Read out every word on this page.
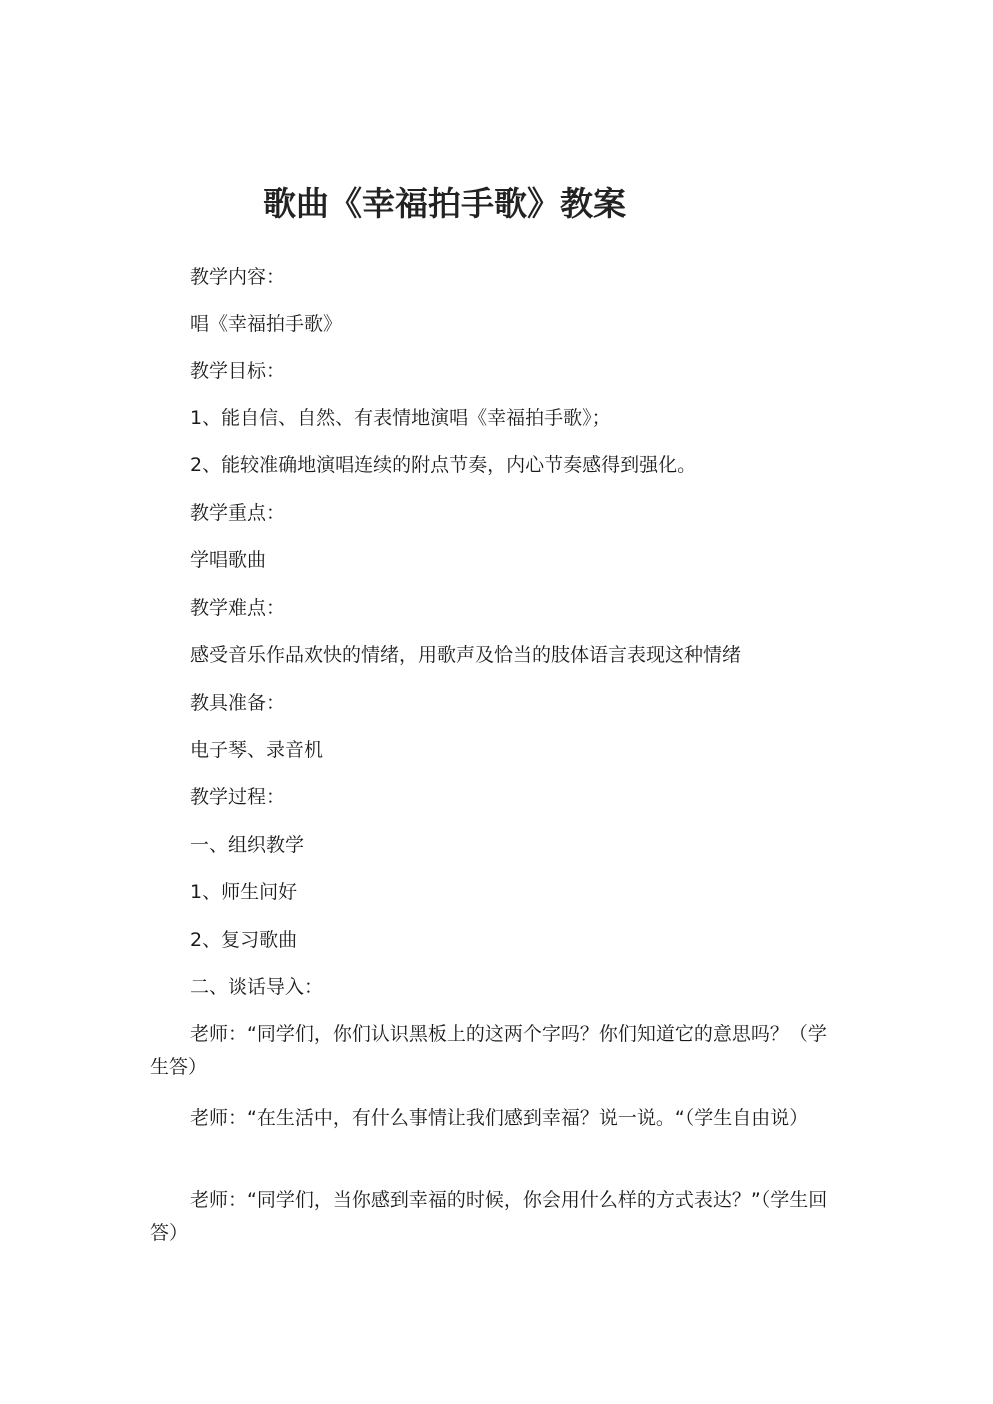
歌曲《幸福拍手歌》教案
教学内容：
唱《幸福拍手歌》
教学目标：
1、能自信、自然、有表情地演唱《幸福拍手歌》；
2、能较准确地演唱连续的附点节奏，内心节奏感得到强化。
教学重点：
学唱歌曲
教学难点：
感受音乐作品欢快的情绪，用歌声及恰当的肢体语言表现这种情绪
教具准备：
电子琴、录音机
教学过程：
一、组织教学
1、师生问好
2、复习歌曲
二、谈话导入：
老师：“同学们，你们认识黑板上的这两个字吗？你们知道它的意思吗？（学生答）
老师：“在生活中，有什么事情让我们感到幸福？说一说。“（学生自由说）
老师：“同学们，当你感到幸福的时候，你会用什么样的方式表达？”（学生回答）
